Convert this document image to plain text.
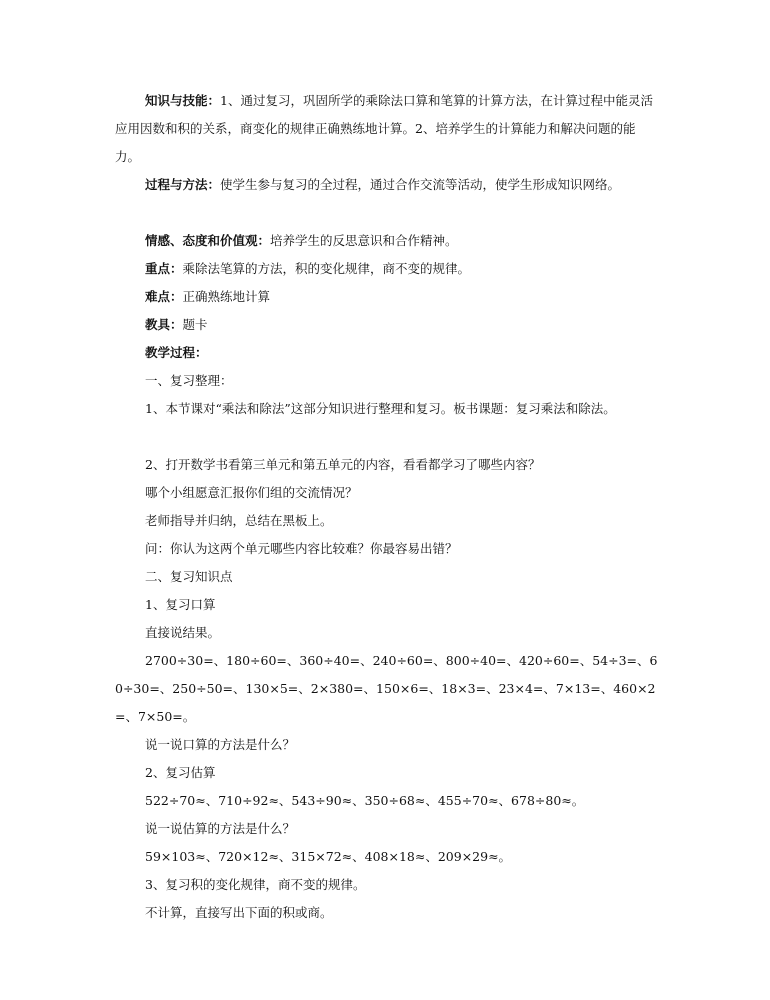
知识与技能：1、通过复习，巩固所学的乘除法口算和笔算的计算方法，在计算过程中能灵活应用因数和积的关系，商变化的规律正确熟练地计算。2、培养学生的计算能力和解决问题的能力。

过程与方法：使学生参与复习的全过程，通过合作交流等活动，使学生形成知识网络。

情感、态度和价值观：培养学生的反思意识和合作精神。

重点：乘除法笔算的方法，积的变化规律，商不变的规律。

难点：正确熟练地计算

教具：题卡

教学过程：

一、复习整理：

1、本节课对“乘法和除法”这部分知识进行整理和复习。板书课题：复习乘法和除法。

2、打开数学书看第三单元和第五单元的内容，看看都学习了哪些内容？

哪个小组愿意汇报你们组的交流情况？

老师指导并归纳，总结在黑板上。

问：你认为这两个单元哪些内容比较难？你最容易出错？

二、复习知识点

1、复习口算

直接说结果。

2700÷30=、180÷60=、360÷40=、240÷60=、800÷40=、420÷60=、54÷3=、60÷30=、250÷50=、130×5=、2×380=、150×6=、18×3=、23×4=、7×13=、460×2=、7×50=。

说一说口算的方法是什么？

2、复习估算

522÷70≈、710÷92≈、543÷90≈、350÷68≈、455÷70≈、678÷80≈。

说一说估算的方法是什么？

59×103≈、720×12≈、315×72≈、408×18≈、209×29≈。

3、复习积的变化规律，商不变的规律。

不计算，直接写出下面的积或商。
